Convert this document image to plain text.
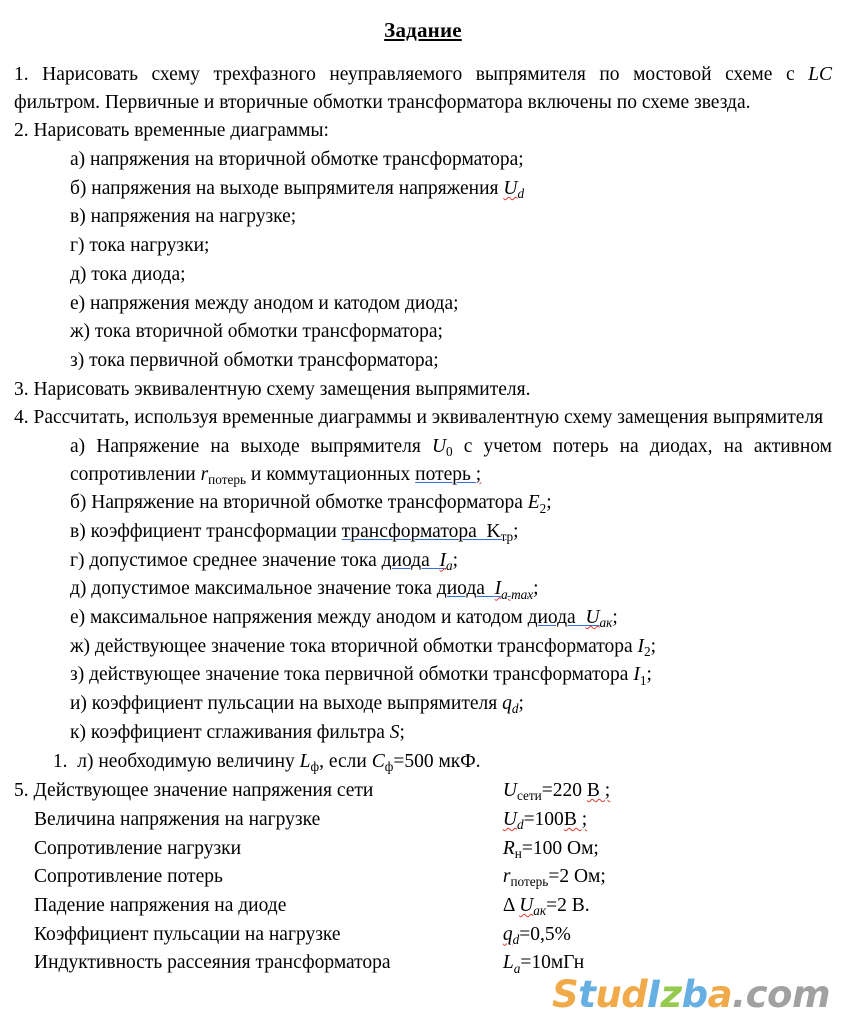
Задание

1. Нарисовать схему трехфазного неуправляемого выпрямителя по мостовой схеме с LC фильтром. Первичные и вторичные обмотки трансформатора включены по схеме звезда.

2. Нарисовать временные диаграммы:

а) напряжения на вторичной обмотке трансформатора;

б) напряжения на выходе выпрямителя напряжения $U_d$

в) напряжения на нагрузке;

г) тока нагрузки;

д) тока диода;

е) напряжения между анодом и катодом диода;

ж) тока вторичной обмотки трансформатора;

з) тока первичной обмотки трансформатора;

3. Нарисовать эквивалентную схему замещения выпрямителя.

4. Рассчитать, используя временные диаграммы и эквивалентную схему замещения выпрямителя

а) Напряжение на выходе выпрямителя $U_0$ с учетом потерь на диодах, на активном сопротивлении $r_{потерь}$ и коммутационных потерь ;

б) Напряжение на вторичной обмотке трансформатора $E_2$;

в) коэффициент трансформации трансформатора  $K_{тр}$;

г) допустимое среднее значение тока диода  $I_а$;

д) допустимое максимальное значение тока диода  $I_{а max}$;

е) максимальное напряжения между анодом и катодом диода  $U_{ак}$;

ж) действующее значение тока вторичной обмотки трансформатора $I_2$;

з) действующее значение тока первичной обмотки трансформатора $I_1$;

и) коэффициент пульсации на выходе выпрямителя $q_d$;

к) коэффициент сглаживания фильтра S;

1.  л) необходимую величину $L_ф$, если $C_ф=500$ мкФ.

5. Действующее значение напряжения сети	$U_{сети}=220$ В ;
Величина напряжения на нагрузке	$U_d=100В$ ;
Сопротивление нагрузки	$R_н=100$ Ом;
Сопротивление потерь	$r_{потерь}=2$ Ом;
Падение напряжения на диоде	Δ $U_{ак}=2$ В.
Коэффициент пульсации на нагрузке	$q_d=0,5\%$
Индуктивность рассеяния трансформатора	$L_a=10мГн$
StudIzba.com
